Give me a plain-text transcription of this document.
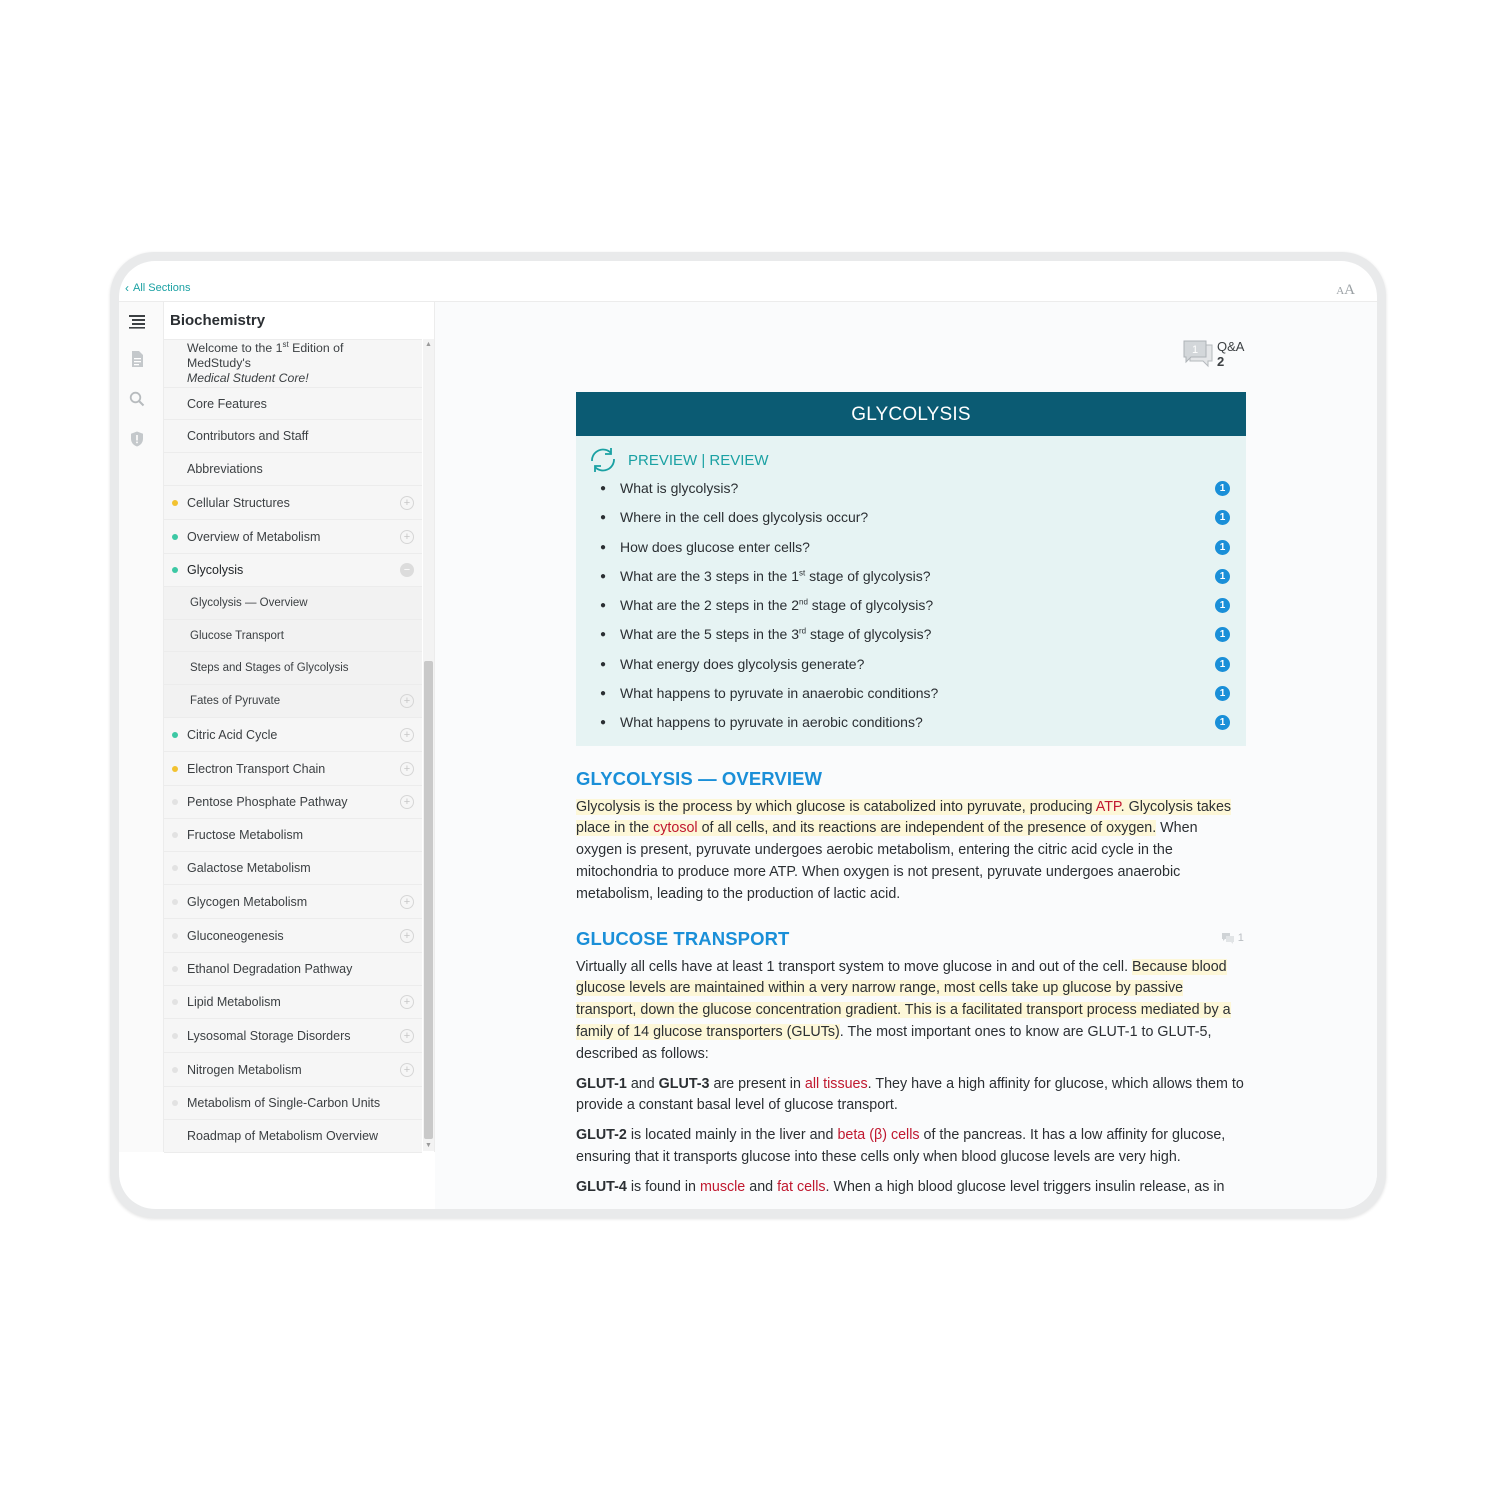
‹ All Sections	AA
Biochemistry
Welcome to the 1st Edition of MedStudy's
Medical Student Core!
Core Features
Contributors and Staff
Abbreviations
Cellular Structures	+
Overview of Metabolism	+
Glycolysis	−
Glycolysis — Overview
Glucose Transport
Steps and Stages of Glycolysis
Fates of Pyruvate	+
Citric Acid Cycle	+
Electron Transport Chain	+
Pentose Phosphate Pathway	+
Fructose Metabolism
Galactose Metabolism
Glycogen Metabolism	+
Gluconeogenesis	+
Ethanol Degradation Pathway
Lipid Metabolism	+
Lysosomal Storage Disorders	+
Nitrogen Metabolism	+
Metabolism of Single-Carbon Units
Roadmap of Metabolism Overview
▲
▼
1 Q&A
2
GLYCOLYSIS
PREVIEW | REVIEW
● What is glycolysis?	1
● Where in the cell does glycolysis occur?	1
● How does glucose enter cells?	1
● What are the 3 steps in the 1st stage of glycolysis?	1
● What are the 2 steps in the 2nd stage of glycolysis?	1
● What are the 5 steps in the 3rd stage of glycolysis?	1
● What energy does glycolysis generate?	1
● What happens to pyruvate in anaerobic conditions?	1
● What happens to pyruvate in aerobic conditions?	1
GLYCOLYSIS — OVERVIEW

Glycolysis is the process by which glucose is catabolized into pyruvate, producing ATP. Glycolysis takes place in the cytosol of all cells, and its reactions are independent of the presence of oxygen. When oxygen is present, pyruvate undergoes aerobic metabolism, entering the citric acid cycle in the mitochondria to produce more ATP. When oxygen is not present, pyruvate undergoes anaerobic metabolism, leading to the production of lactic acid.

GLUCOSE TRANSPORT	1

Virtually all cells have at least 1 transport system to move glucose in and out of the cell. Because blood glucose levels are maintained within a very narrow range, most cells take up glucose by passive transport, down the glucose concentration gradient. This is a facilitated transport process mediated by a family of 14 glucose transporters (GLUTs). The most important ones to know are GLUT-1 to GLUT-5, described as follows:

GLUT-1 and GLUT-3 are present in all tissues. They have a high affinity for glucose, which allows them to provide a constant basal level of glucose transport.

GLUT-2 is located mainly in the liver and beta (β) cells of the pancreas. It has a low affinity for glucose, ensuring that it transports glucose into these cells only when blood glucose levels are very high.

GLUT-4 is found in muscle and fat cells. When a high blood glucose level triggers insulin release, as in
